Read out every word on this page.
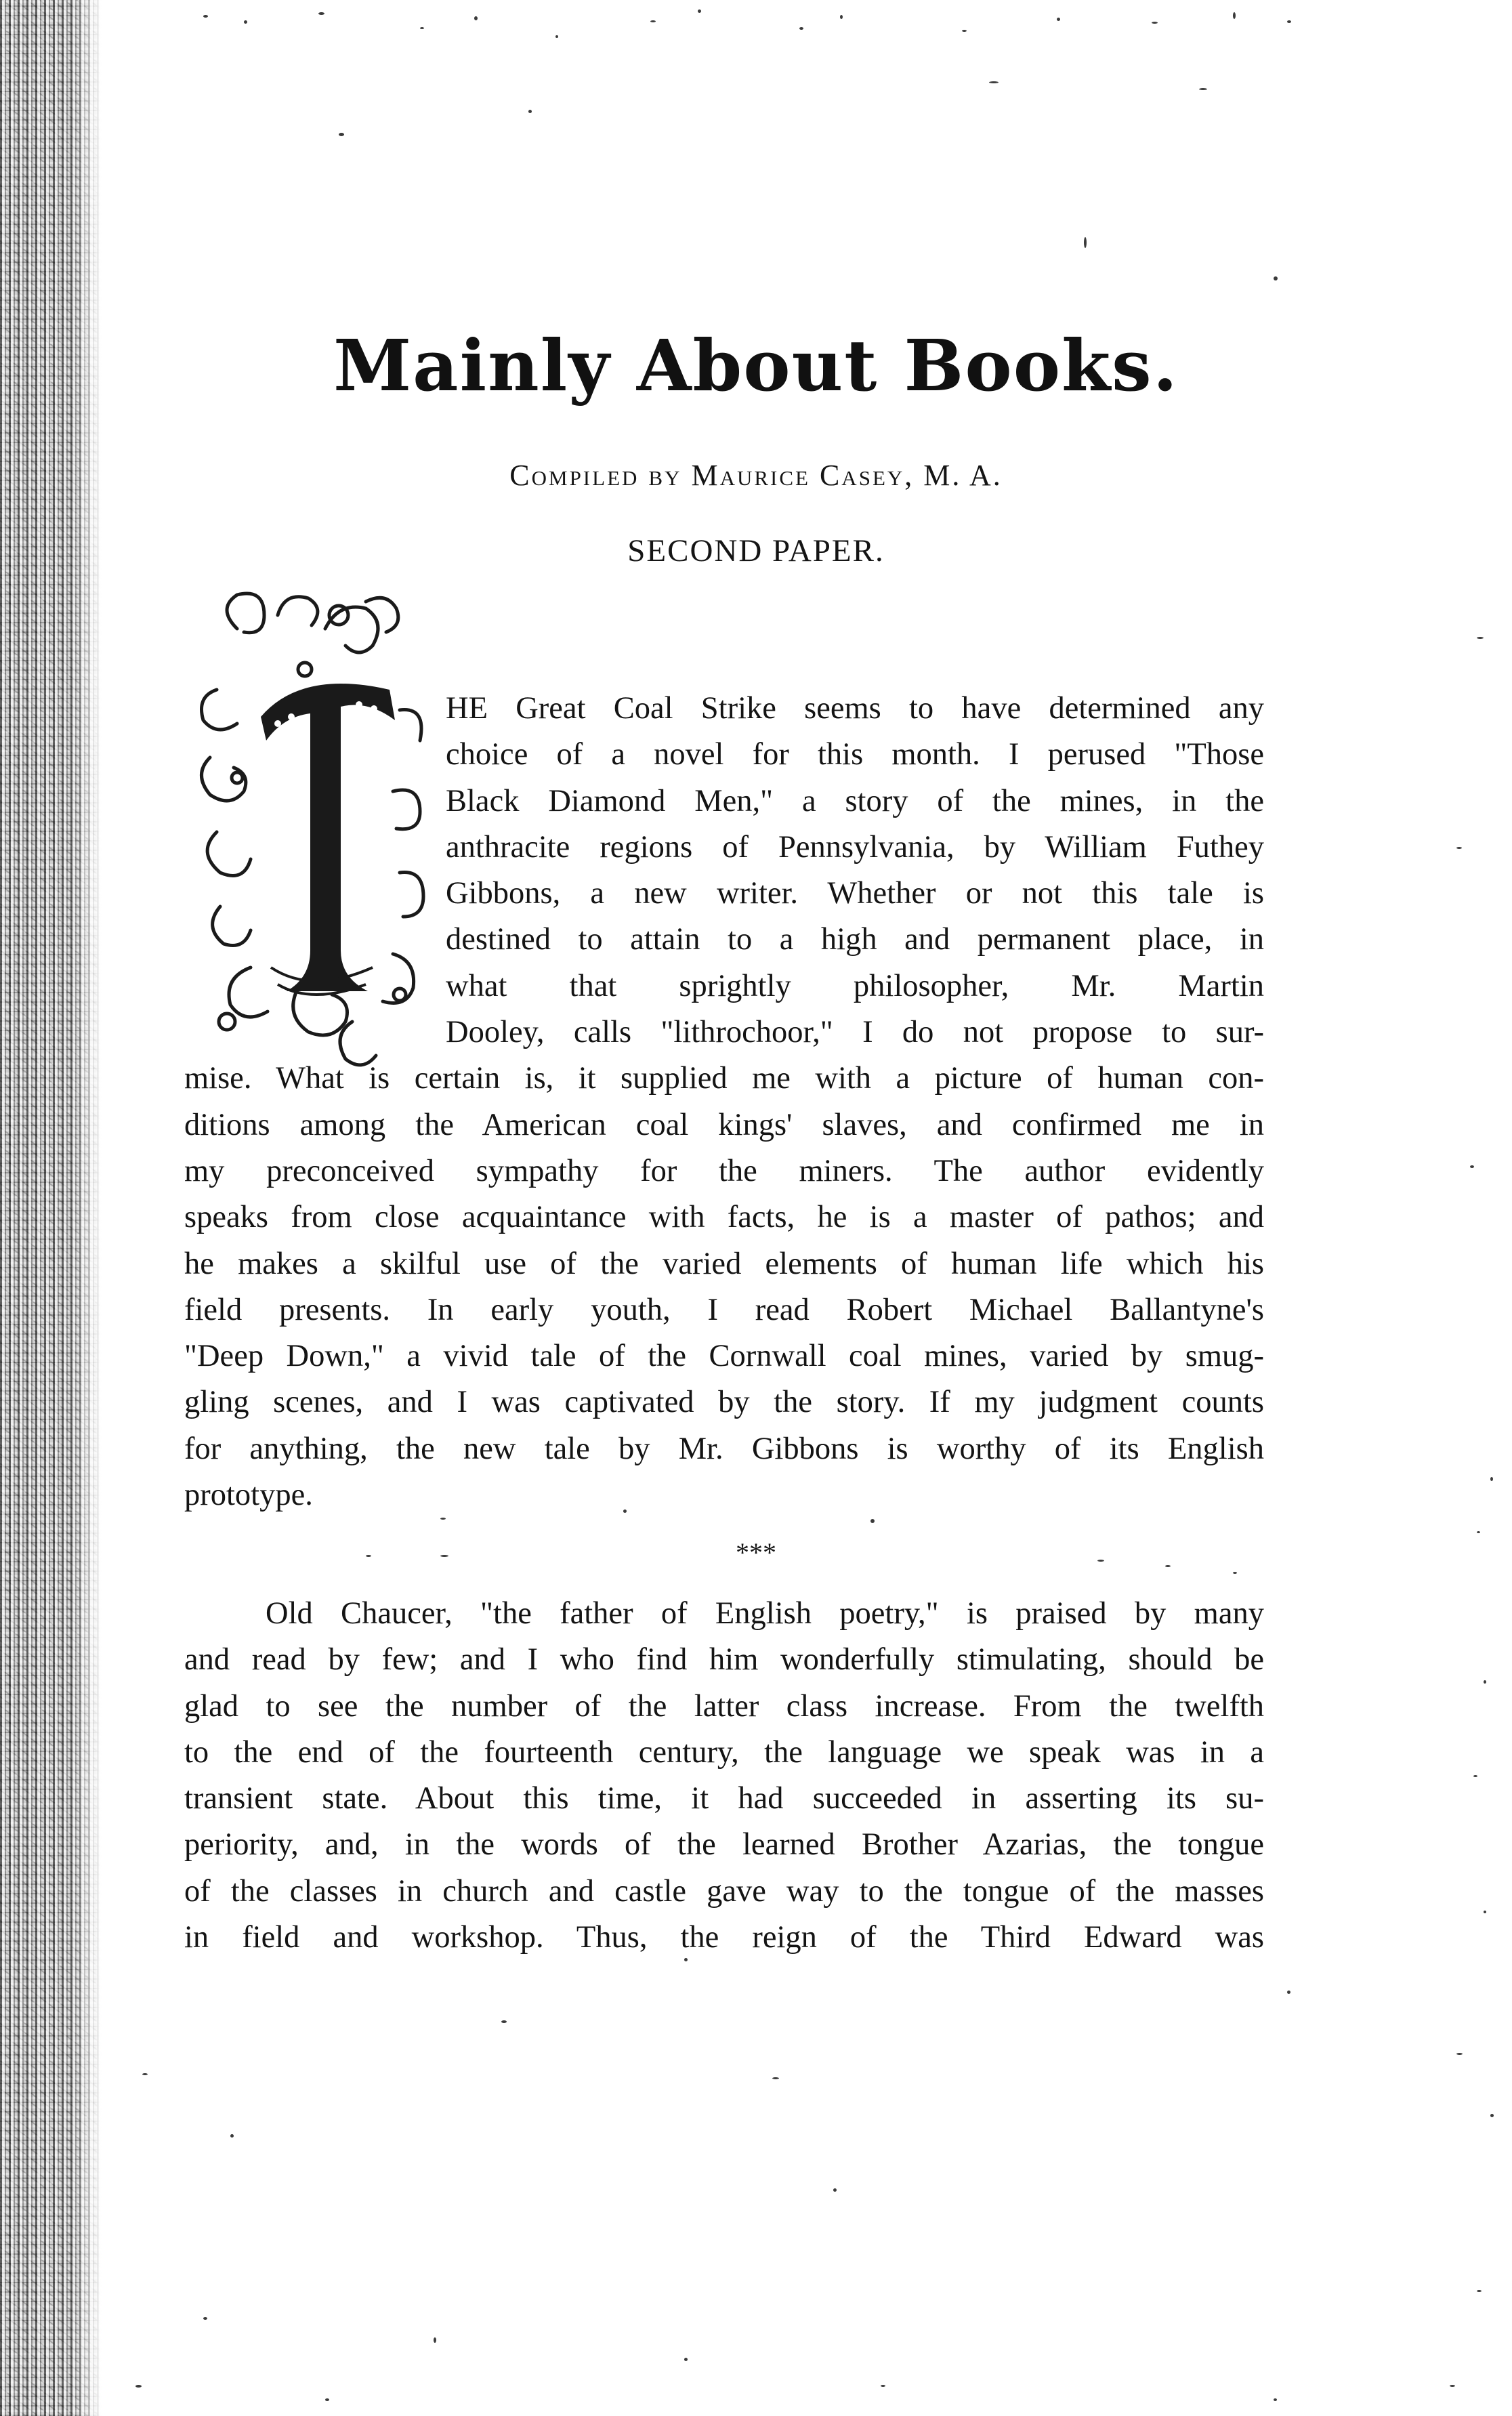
Mainly About Books.
Compiled by Maurice Casey, M. A.
SECOND PAPER.
HE Great Coal Strike seems to have determined any
choice of a novel for this month. I perused "Those
Black Diamond Men," a story of the mines, in the
anthracite regions of Pennsylvania, by William Futhey
Gibbons, a new writer. Whether or not this tale is
destined to attain to a high and permanent place, in
what that sprightly philosopher, Mr. Martin
Dooley, calls "lithrochoor," I do not propose to sur-
mise. What is certain is, it supplied me with a picture of human con-
ditions among the American coal kings' slaves, and confirmed me in
my preconceived sympathy for the miners. The author evidently
speaks from close acquaintance with facts, he is a master of pathos; and
he makes a skilful use of the varied elements of human life which his
field presents. In early youth, I read Robert Michael Ballantyne's
"Deep Down," a vivid tale of the Cornwall coal mines, varied by smug-
gling scenes, and I was captivated by the story. If my judgment counts
for anything, the new tale by Mr. Gibbons is worthy of its English
prototype.
***
Old Chaucer, "the father of English poetry," is praised by many
and read by few; and I who find him wonderfully stimulating, should be
glad to see the number of the latter class increase. From the twelfth
to the end of the fourteenth century, the language we speak was in a
transient state. About this time, it had succeeded in asserting its su-
periority, and, in the words of the learned Brother Azarias, the tongue
of the classes in church and castle gave way to the tongue of the masses
in field and workshop. Thus, the reign of the Third Edward was
